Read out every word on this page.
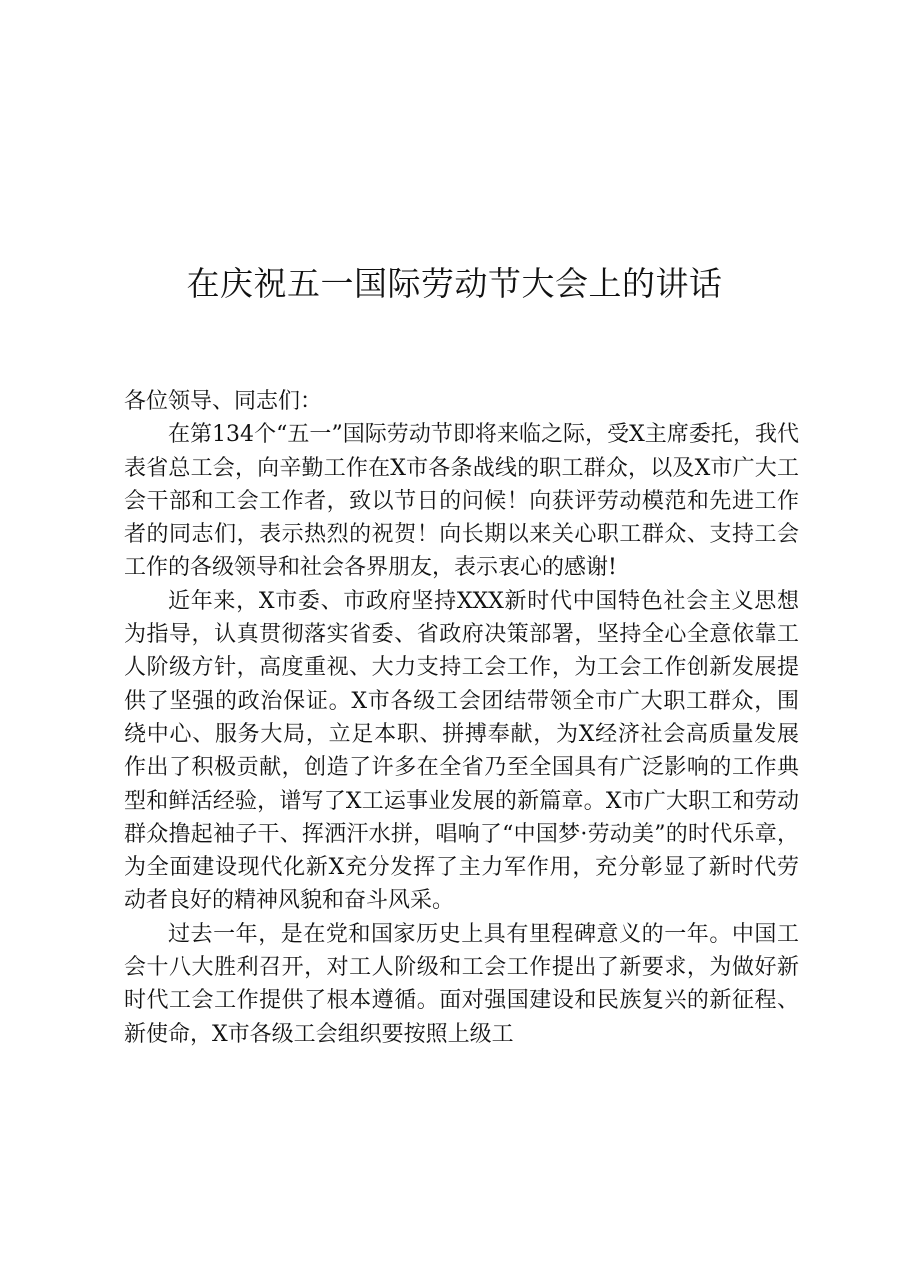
在庆祝五一国际劳动节大会上的讲话

各位领导、同志们：

在第134个“五一”国际劳动节即将来临之际，受X主席委托，我代表省总工会，向辛勤工作在X市各条战线的职工群众，以及X市广大工会干部和工会工作者，致以节日的问候！向获评劳动模范和先进工作者的同志们，表示热烈的祝贺！向长期以来关心职工群众、支持工会工作的各级领导和社会各界朋友，表示衷心的感谢!

近年来，X市委、市政府坚持XXX新时代中国特色社会主义思想为指导，认真贯彻落实省委、省政府决策部署，坚持全心全意依靠工人阶级方针，高度重视、大力支持工会工作，为工会工作创新发展提供了坚强的政治保证。X市各级工会团结带领全市广大职工群众，围绕中心、服务大局，立足本职、拼搏奉献，为X经济社会高质量发展作出了积极贡献，创造了许多在全省乃至全国具有广泛影响的工作典型和鲜活经验，谱写了X工运事业发展的新篇章。X市广大职工和劳动群众撸起袖子干、挥洒汗水拼，唱响了“中国梦·劳动美”的时代乐章，为全面建设现代化新X充分发挥了主力军作用，充分彰显了新时代劳动者良好的精神风貌和奋斗风采。

过去一年，是在党和国家历史上具有里程碑意义的一年。中国工会十八大胜利召开，对工人阶级和工会工作提出了新要求，为做好新时代工会工作提供了根本遵循。面对强国建设和民族复兴的新征程、新使命，X市各级工会组织要按照上级工
